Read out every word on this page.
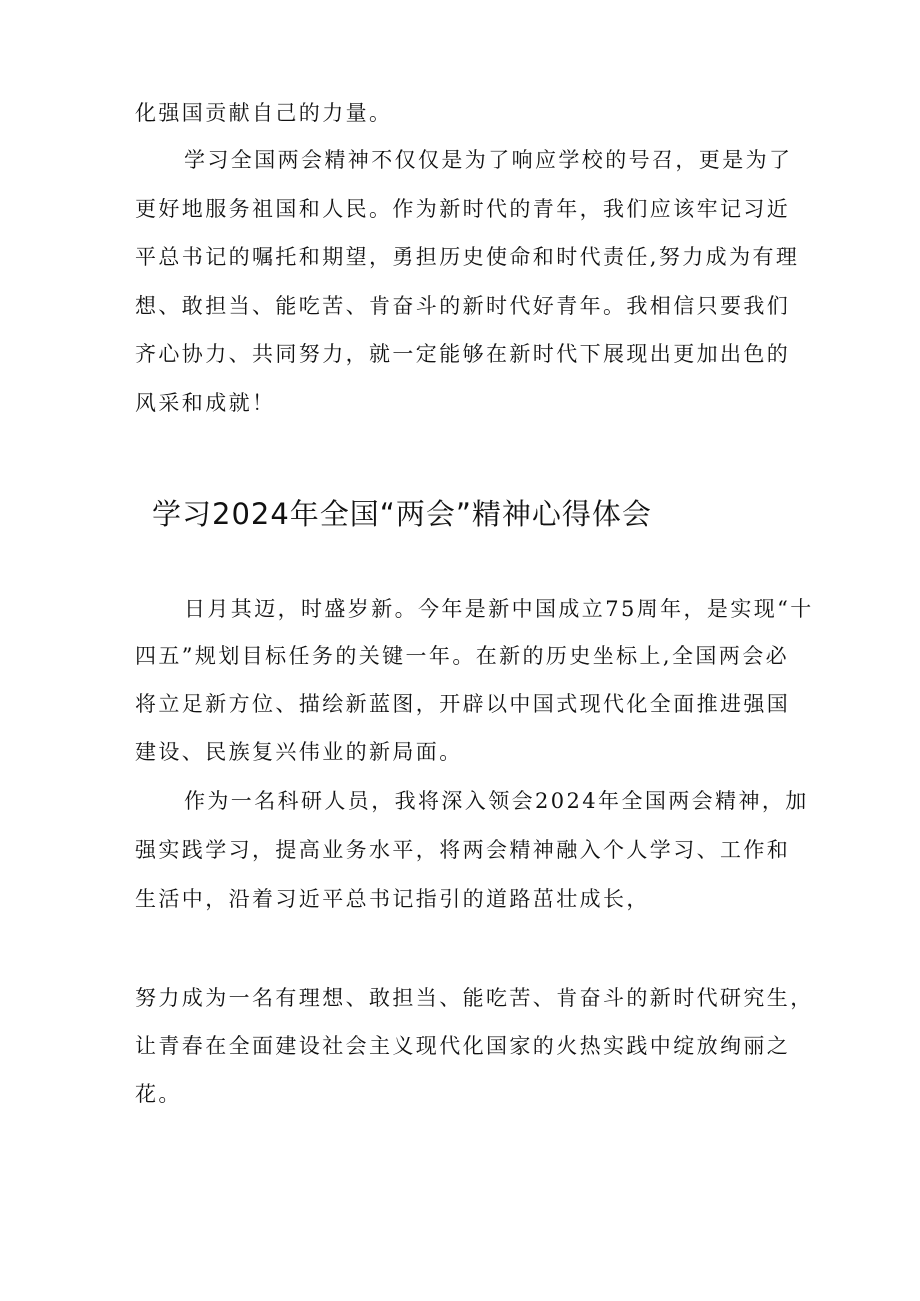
化强国贡献自己的力量。

学习全国两会精神不仅仅是为了响应学校的号召，更是为了

更好地服务祖国和人民。作为新时代的青年，我们应该牢记习近

平总书记的嘱托和期望，勇担历史使命和时代责任,努力成为有理

想、敢担当、能吃苦、肯奋斗的新时代好青年。我相信只要我们

齐心协力、共同努力，就一定能够在新时代下展现出更加出色的

风采和成就！

学习2024年全国“两会”精神心得体会

日月其迈，时盛岁新。今年是新中国成立75周年，是实现“十

四五”规划目标任务的关键一年。在新的历史坐标上,全国两会必

将立足新方位、描绘新蓝图，开辟以中国式现代化全面推进强国

建设、民族复兴伟业的新局面。

作为一名科研人员，我将深入领会2024年全国两会精神，加

强实践学习，提高业务水平，将两会精神融入个人学习、工作和

生活中，沿着习近平总书记指引的道路茁壮成长，

努力成为一名有理想、敢担当、能吃苦、肯奋斗的新时代研究生，

让青春在全面建设社会主义现代化国家的火热实践中绽放绚丽之

花。
